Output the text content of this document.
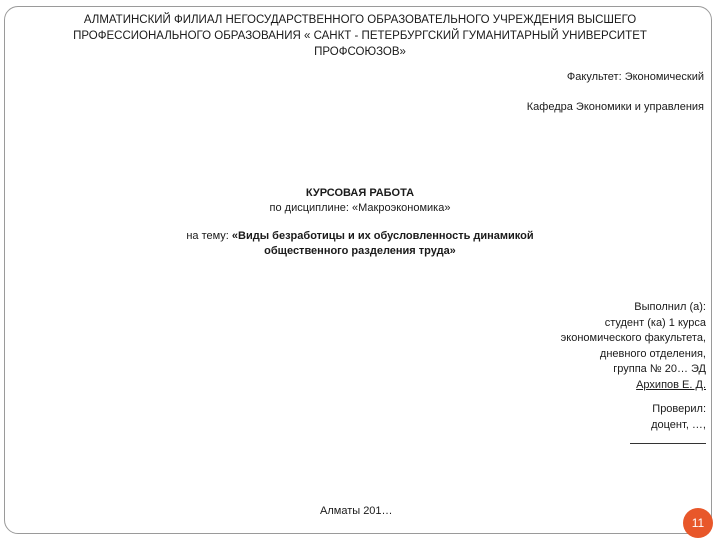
АЛМАТИНСКИЙ ФИЛИАЛ НЕГОСУДАРСТВЕННОГО ОБРАЗОВАТЕЛЬНОГО УЧРЕЖДЕНИЯ ВЫСШЕГО
ПРОФЕССИОНАЛЬНОГО ОБРАЗОВАНИЯ « САНКТ - ПЕТЕРБУРГСКИЙ ГУМАНИТАРНЫЙ УНИВЕРСИТЕТ
ПРОФСОЮЗОВ»
Факультет: Экономический
Кафедра Экономики и управления
КУРСОВАЯ РАБОТА
по дисциплине: «Макроэкономика»
на тему: «Виды безработицы и их обусловленность динамикой
общественного разделения труда»
Выполнил (а):
студент (ка) 1 курса
экономического факультета,
дневного отделения,
группа № 20… ЭД
Архипов Е. Д.
Проверил:
доцент, …,
Алматы 201…
11
